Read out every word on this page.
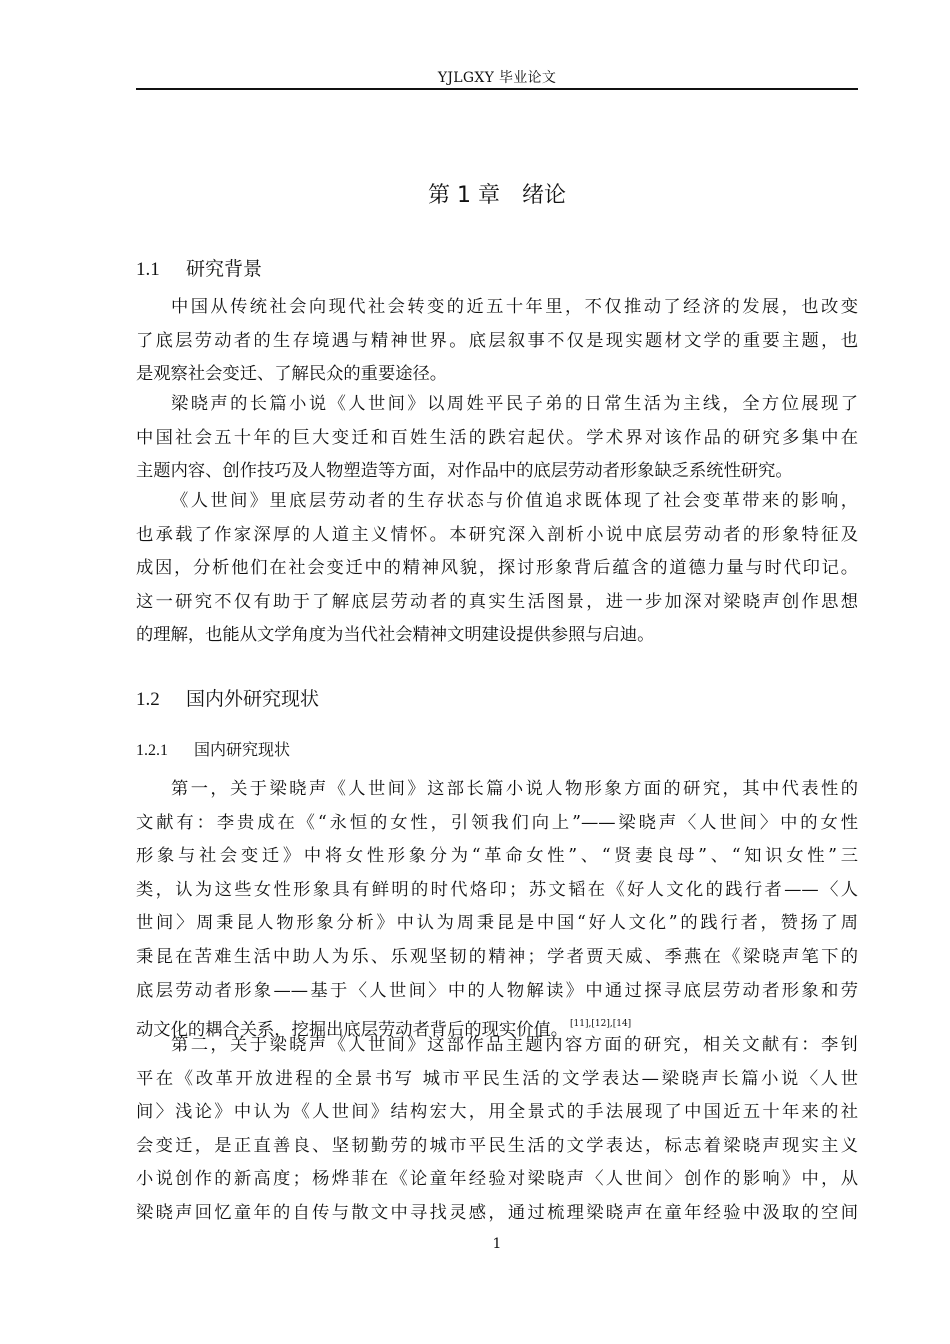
YJLGXY 毕业论文
第 1 章 绪论
1.1 研究背景
中国从传统社会向现代社会转变的近五十年里，不仅推动了经济的发展，也改变
了底层劳动者的生存境遇与精神世界。底层叙事不仅是现实题材文学的重要主题，也
是观察社会变迁、了解民众的重要途径。
梁晓声的长篇小说《人世间》以周姓平民子弟的日常生活为主线，全方位展现了
中国社会五十年的巨大变迁和百姓生活的跌宕起伏。学术界对该作品的研究多集中在
主题内容、创作技巧及人物塑造等方面，对作品中的底层劳动者形象缺乏系统性研究。
《人世间》里底层劳动者的生存状态与价值追求既体现了社会变革带来的影响，
也承载了作家深厚的人道主义情怀。本研究深入剖析小说中底层劳动者的形象特征及
成因，分析他们在社会变迁中的精神风貌，探讨形象背后蕴含的道德力量与时代印记。
这一研究不仅有助于了解底层劳动者的真实生活图景，进一步加深对梁晓声创作思想
的理解，也能从文学角度为当代社会精神文明建设提供参照与启迪。
1.2 国内外研究现状
1.2.1 国内研究现状
第一，关于梁晓声《人世间》这部长篇小说人物形象方面的研究，其中代表性的
文献有：李贵成在《“永恒的女性，引领我们向上”——梁晓声〈人世间〉中的女性
形象与社会变迁》中将女性形象分为“革命女性”、“贤妻良母”、“知识女性”三
类，认为这些女性形象具有鲜明的时代烙印；苏文韬在《好人文化的践行者——〈人
世间〉周秉昆人物形象分析》中认为周秉昆是中国“好人文化”的践行者，赞扬了周
秉昆在苦难生活中助人为乐、乐观坚韧的精神；学者贾天威、季燕在《梁晓声笔下的
底层劳动者形象——基于〈人世间〉中的人物解读》中通过探寻底层劳动者形象和劳
动文化的耦合关系，挖掘出底层劳动者背后的现实价值。 [11],[12],[14]
第二，关于梁晓声《人世间》这部作品主题内容方面的研究，相关文献有：李钊
平在《改革开放进程的全景书写 城市平民生活的文学表达—梁晓声长篇小说〈人世
间〉浅论》中认为《人世间》结构宏大，用全景式的手法展现了中国近五十年来的社
会变迁，是正直善良、坚韧勤劳的城市平民生活的文学表达，标志着梁晓声现实主义
小说创作的新高度；杨烨菲在《论童年经验对梁晓声〈人世间〉创作的影响》中，从
梁晓声回忆童年的自传与散文中寻找灵感，通过梳理梁晓声在童年经验中汲取的空间
1
